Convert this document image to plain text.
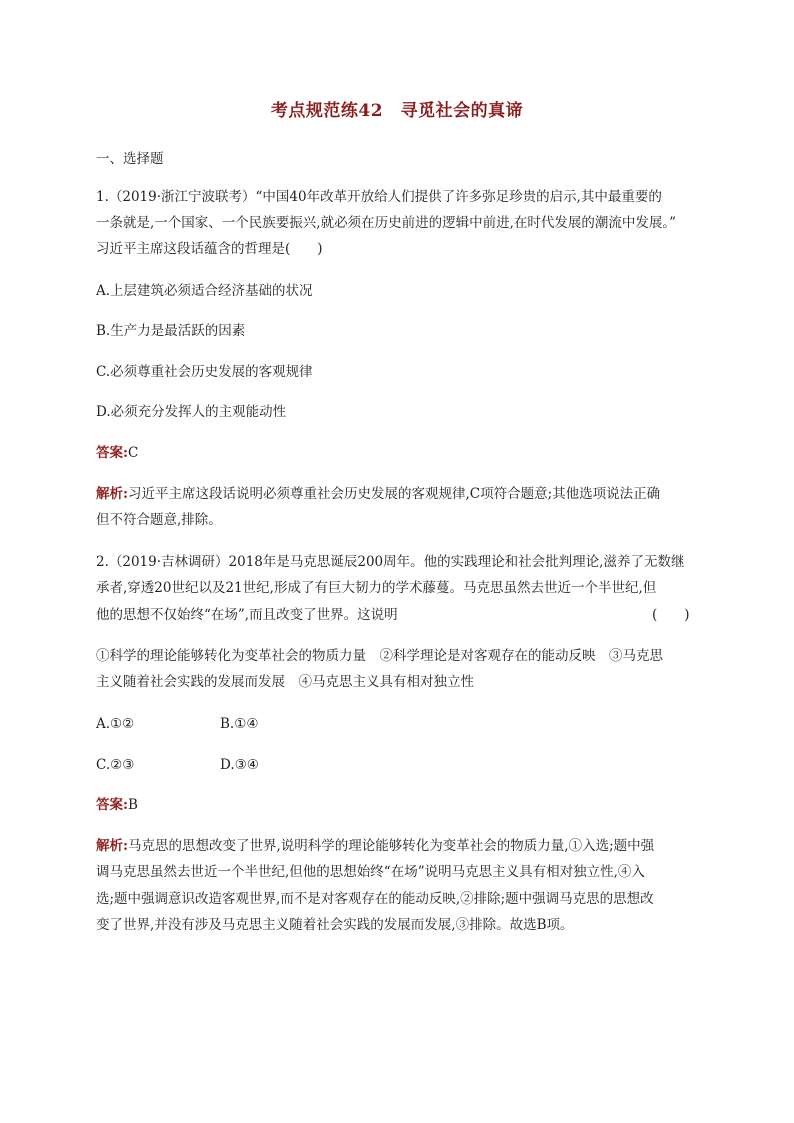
考点规范练42　寻觅社会的真谛
一、选择题
1.（2019·浙江宁波联考）“中国40年改革开放给人们提供了许多弥足珍贵的启示,其中最重要的
一条就是,一个国家、一个民族要振兴,就必须在历史前进的逻辑中前进,在时代发展的潮流中发展。”
习近平主席这段话蕴含的哲理是(　　)
A.上层建筑必须适合经济基础的状况
B.生产力是最活跃的因素
C.必须尊重社会历史发展的客观规律
D.必须充分发挥人的主观能动性
答案:C
解析:习近平主席这段话说明必须尊重社会历史发展的客观规律,C项符合题意;其他选项说法正确
但不符合题意,排除。
2.（2019·吉林调研）2018年是马克思诞辰200周年。他的实践理论和社会批判理论,滋养了无数继
承者,穿透20世纪以及21世纪,形成了有巨大韧力的学术藤蔓。马克思虽然去世近一个半世纪,但
他的思想不仅始终“在场”,而且改变了世界。这说明	(　　)
①科学的理论能够转化为变革社会的物质力量　②科学理论是对客观存在的能动反映　③马克思
主义随着社会实践的发展而发展　④马克思主义具有相对独立性
A.①②	B.①④
C.②③	D.③④
答案:B
解析:马克思的思想改变了世界,说明科学的理论能够转化为变革社会的物质力量,①入选;题中强
调马克思虽然去世近一个半世纪,但他的思想始终“在场”说明马克思主义具有相对独立性,④入
选;题中强调意识改造客观世界,而不是对客观存在的能动反映,②排除;题中强调马克思的思想改
变了世界,并没有涉及马克思主义随着社会实践的发展而发展,③排除。故选B项。
